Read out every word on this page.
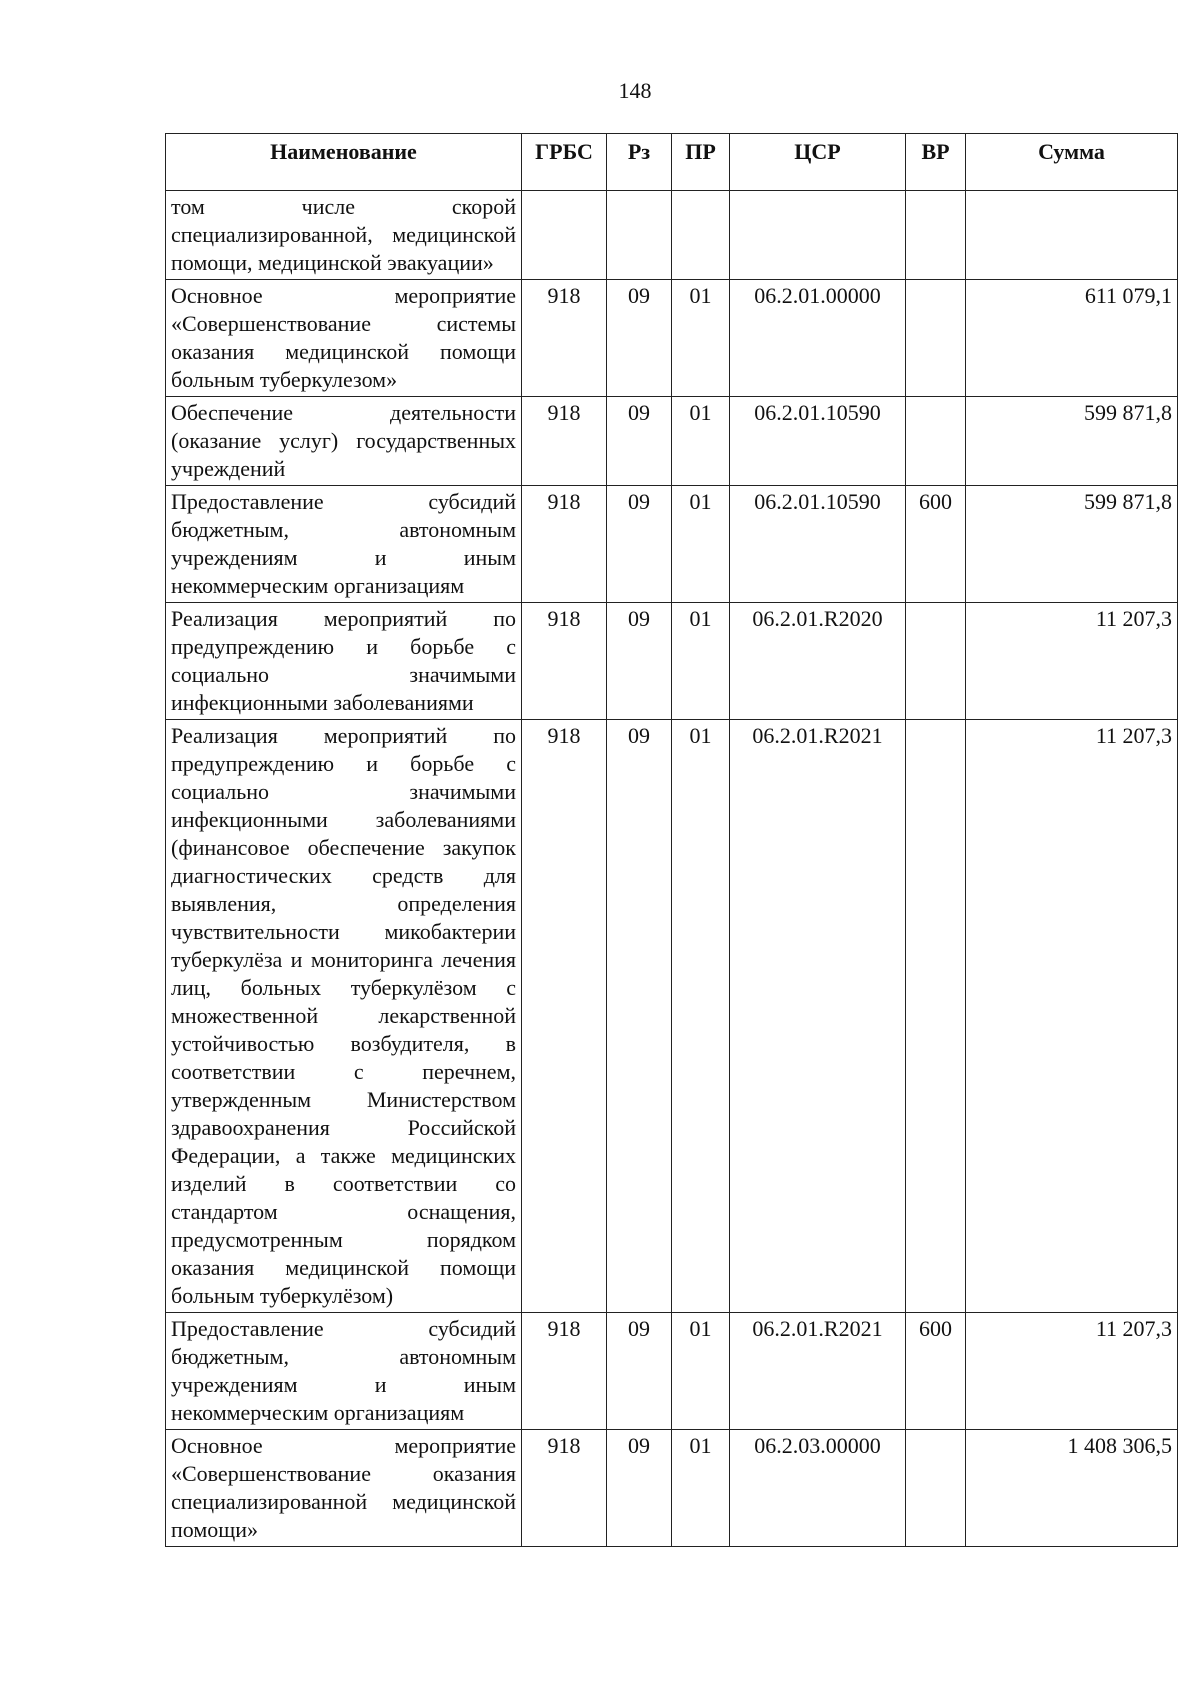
148
Наименование	ГРБС	Рз	ПР	ЦСР	ВР	Сумма
том числе скорой специализированной, медицинской помощи, медицинской эвакуации»						
Основное мероприятие «Совершенствование системы оказания медицинской помощи больным туберкулезом»	918	09	01	06.2.01.00000		611 079,1
Обеспечение деятельности (оказание услуг) государственных учреждений	918	09	01	06.2.01.10590		599 871,8
Предоставление субсидий бюджетным, автономным учреждениям и иным некоммерческим организациям	918	09	01	06.2.01.10590	600	599 871,8
Реализация мероприятий по предупреждению и борьбе с социально значимыми инфекционными заболеваниями	918	09	01	06.2.01.R2020		11 207,3
Реализация мероприятий по предупреждению и борьбе с социально значимыми инфекционными заболеваниями (финансовое обеспечение закупок диагностических средств для выявления, определения чувствительности микобактерии туберкулёза и мониторинга лечения лиц, больных туберкулёзом с множественной лекарственной устойчивостью возбудителя, в соответствии с перечнем, утвержденным Министерством здравоохранения Российской Федерации, а также медицинских изделий в соответствии со стандартом оснащения, предусмотренным порядком оказания медицинской помощи больным туберкулёзом)	918	09	01	06.2.01.R2021		11 207,3
Предоставление субсидий бюджетным, автономным учреждениям и иным некоммерческим организациям	918	09	01	06.2.01.R2021	600	11 207,3
Основное мероприятие «Совершенствование оказания специализированной медицинской помощи»	918	09	01	06.2.03.00000		1 408 306,5
